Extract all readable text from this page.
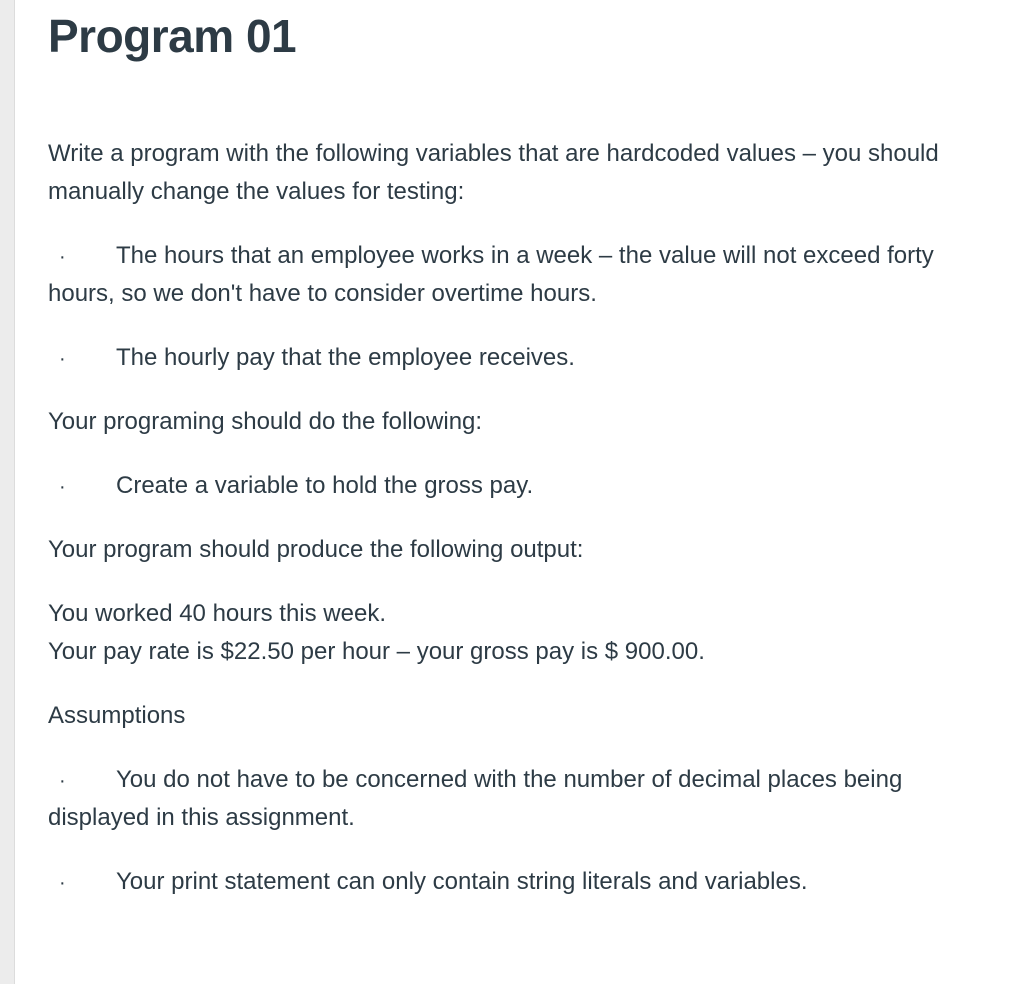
Program 01

Write a program with the following variables that are hardcoded values – you should manually change the values for testing:

· The hours that an employee works in a week – the value will not exceed forty hours, so we don't have to consider overtime hours.

· The hourly pay that the employee receives.

Your programing should do the following:

· Create a variable to hold the gross pay.

Your program should produce the following output:

You worked 40 hours this week.

Your pay rate is $22.50 per hour – your gross pay is $ 900.00.

Assumptions

· You do not have to be concerned with the number of decimal places being displayed in this assignment.

· Your print statement can only contain string literals and variables.
